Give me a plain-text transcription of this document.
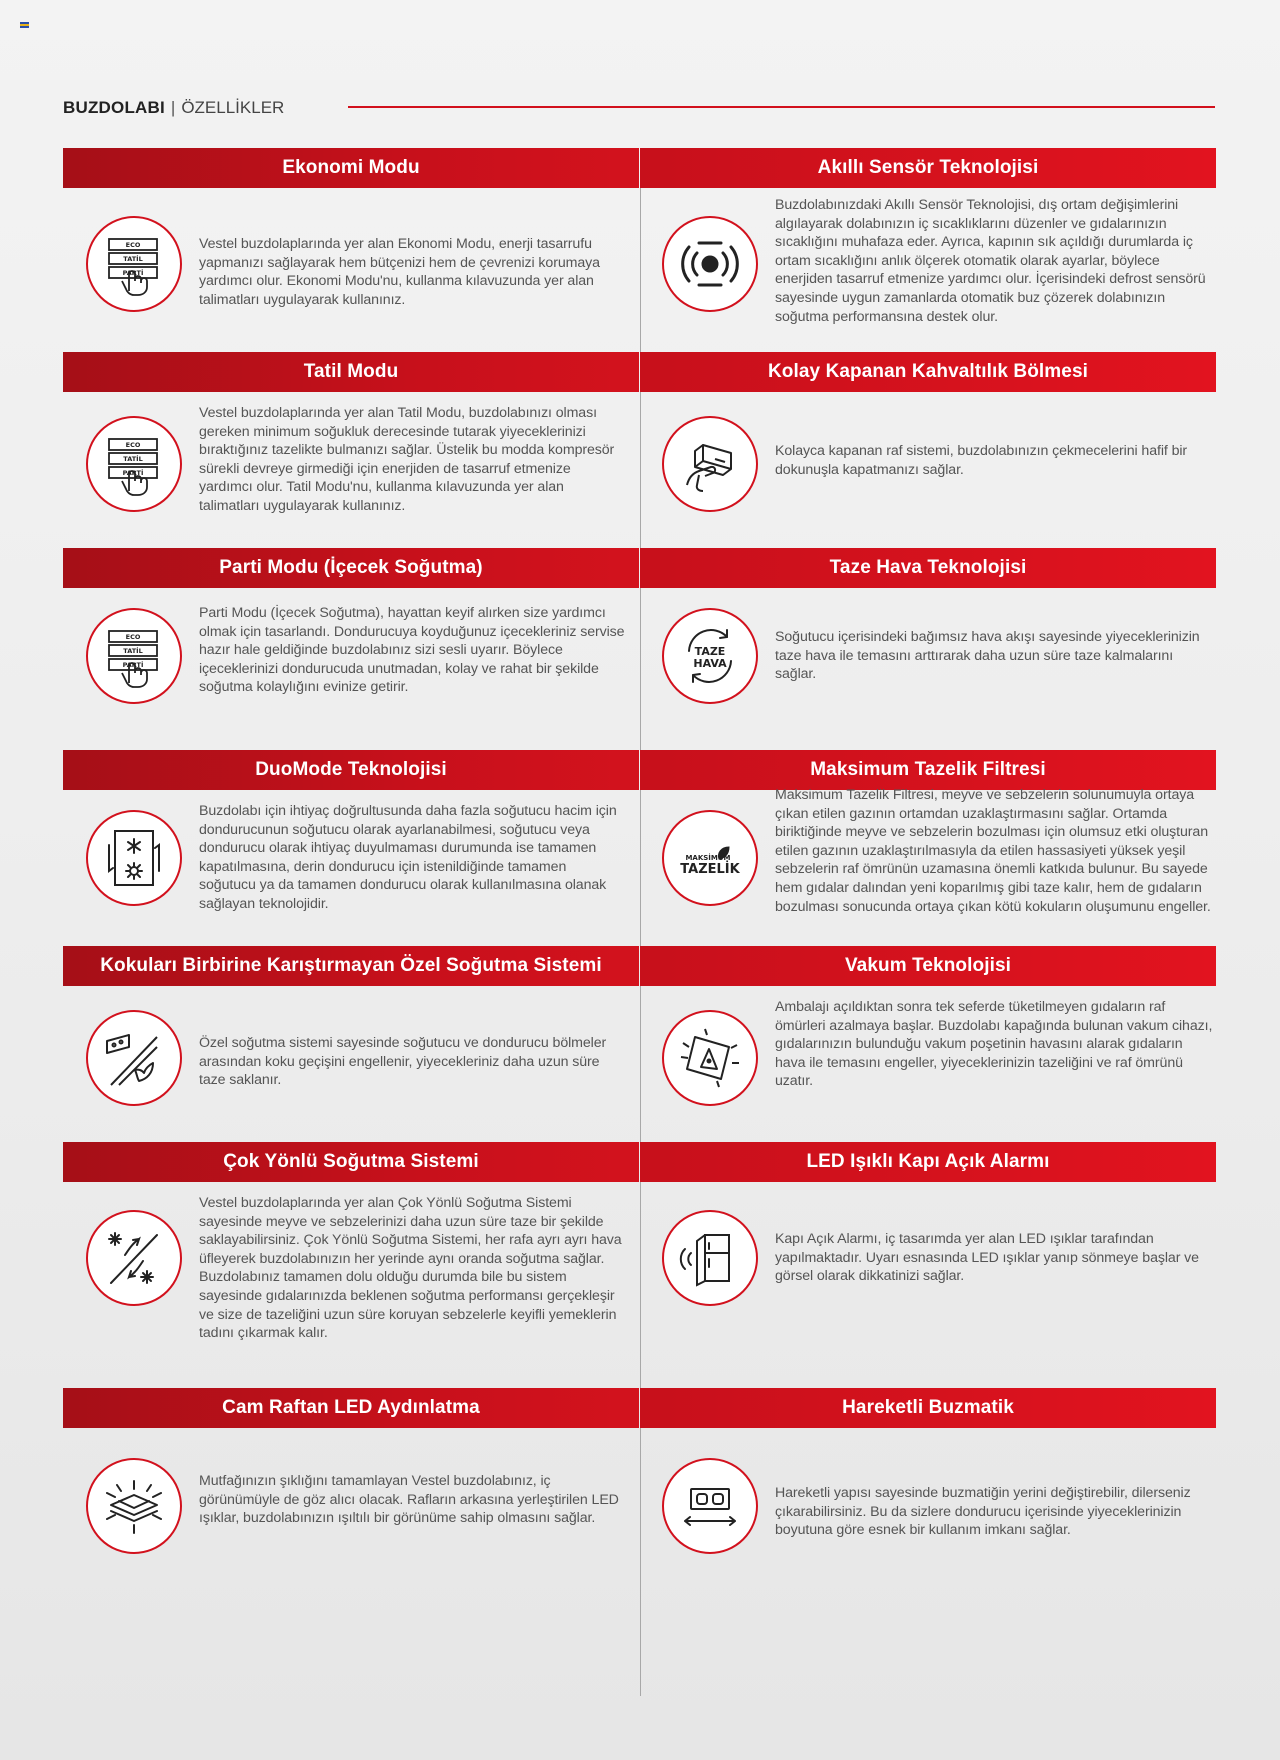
BUZDOLABI | ÖZELLİKLER
Ekonomi Modu
ECO
TATİL
PARTİ

Vestel buzdolaplarında yer alan Ekonomi Modu, enerji tasarrufu yapmanızı sağlayarak hem bütçenizi hem de çevrenizi korumaya yardımcı olur. Ekonomi Modu'nu, kullanma kılavuzunda yer alan talimatları uygulayarak kullanınız.

Akıllı Sensör Teknolojisi

Buzdolabınızdaki Akıllı Sensör Teknolojisi, dış ortam değişimlerini algılayarak dolabınızın iç sıcaklıklarını düzenler ve gıdalarınızın sıcaklığını muhafaza eder. Ayrıca, kapının sık açıldığı durumlarda iç ortam sıcaklığını anlık ölçerek otomatik olarak ayarlar, böylece enerjiden tasarruf etmenize yardımcı olur. İçerisindeki defrost sensörü sayesinde uygun zamanlarda otomatik buz çözerek dolabınızın soğutma performansına destek olur.

Tatil Modu
ECO
TATİL
PARTİ

Vestel buzdolaplarında yer alan Tatil Modu, buzdolabınızı olması gereken minimum soğukluk derecesinde tutarak yiyeceklerinizi bıraktığınız tazelikte bulmanızı sağlar. Üstelik bu modda kompresör sürekli devreye girmediği için enerjiden de tasarruf etmenize yardımcı olur. Tatil Modu'nu, kullanma kılavuzunda yer alan talimatları uygulayarak kullanınız.

Kolay Kapanan Kahvaltılık Bölmesi

Kolayca kapanan raf sistemi, buzdolabınızın çekmecelerini hafif bir dokunuşla kapatmanızı sağlar.

Parti Modu (İçecek Soğutma)
ECO
TATİL
PARTİ

Parti Modu (İçecek Soğutma), hayattan keyif alırken size yardımcı olmak için tasarlandı. Dondurucuya koyduğunuz içecekleriniz servise hazır hale geldiğinde buzdolabınız sizi sesli uyarır. Böylece içeceklerinizi dondurucuda unutmadan, kolay ve rahat bir şekilde soğutma kolaylığını evinize getirir.

Taze Hava Teknolojisi
TAZE
HAVA

Soğutucu içerisindeki bağımsız hava akışı sayesinde yiyeceklerinizin taze hava ile temasını arttırarak daha uzun süre taze kalmalarını sağlar.

DuoMode Teknolojisi

Buzdolabı için ihtiyaç doğrultusunda daha fazla soğutucu hacim için dondurucunun soğutucu olarak ayarlanabilmesi, soğutucu veya dondurucu olarak ihtiyaç duyulmaması durumunda ise tamamen kapatılmasına, derin dondurucu için istenildiğinde tamamen soğutucu ya da tamamen dondurucu olarak kullanılmasına olanak sağlayan teknolojidir.

Maksimum Tazelik Filtresi
MAKSİMUM
TAZELİK

Maksimum Tazelik Filtresi, meyve ve sebzelerin solunumuyla ortaya çıkan etilen gazının ortamdan uzaklaştırmasını sağlar. Ortamda biriktiğinde meyve ve sebzelerin bozulması için olumsuz etki oluşturan etilen gazının uzaklaştırılmasıyla da etilen hassasiyeti yüksek yeşil sebzelerin raf ömrünün uzamasına önemli katkıda bulunur. Bu sayede hem gıdalar dalından yeni koparılmış gibi taze kalır, hem de gıdaların bozulması sonucunda ortaya çıkan kötü kokuların oluşumunu engeller.

Kokuları Birbirine Karıştırmayan Özel Soğutma Sistemi

Özel soğutma sistemi sayesinde soğutucu ve dondurucu bölmeler arasından koku geçişini engellenir, yiyecekleriniz daha uzun süre taze saklanır.

Vakum Teknolojisi

Ambalajı açıldıktan sonra tek seferde tüketilmeyen gıdaların raf ömürleri azalmaya başlar. Buzdolabı kapağında bulunan vakum cihazı, gıdalarınızın bulunduğu vakum poşetinin havasını alarak gıdaların hava ile temasını engeller, yiyeceklerinizin tazeliğini ve raf ömrünü uzatır.

Çok Yönlü Soğutma Sistemi

Vestel buzdolaplarında yer alan Çok Yönlü Soğutma Sistemi sayesinde meyve ve sebzelerinizi daha uzun süre taze bir şekilde saklayabilirsiniz. Çok Yönlü Soğutma Sistemi, her rafa ayrı ayrı hava üfleyerek buzdolabınızın her yerinde aynı oranda soğutma sağlar. Buzdolabınız tamamen dolu olduğu durumda bile bu sistem sayesinde gıdalarınızda beklenen soğutma performansı gerçekleşir ve size de tazeliğini uzun süre koruyan sebzelerle keyifli yemeklerin tadını çıkarmak kalır.

LED Işıklı Kapı Açık Alarmı

Kapı Açık Alarmı, iç tasarımda yer alan LED ışıklar tarafından yapılmaktadır. Uyarı esnasında LED ışıklar yanıp sönmeye başlar ve görsel olarak dikkatinizi sağlar.

Cam Raftan LED Aydınlatma

Mutfağınızın şıklığını tamamlayan Vestel buzdolabınız, iç görünümüyle de göz alıcı olacak. Rafların arkasına yerleştirilen LED ışıklar, buzdolabınızın ışıltılı bir görünüme sahip olmasını sağlar.

Hareketli Buzmatik

Hareketli yapısı sayesinde buzmatiğin yerini değiştirebilir, dilerseniz çıkarabilirsiniz. Bu da sizlere dondurucu içerisinde yiyeceklerinizin boyutuna göre esnek bir kullanım imkanı sağlar.
